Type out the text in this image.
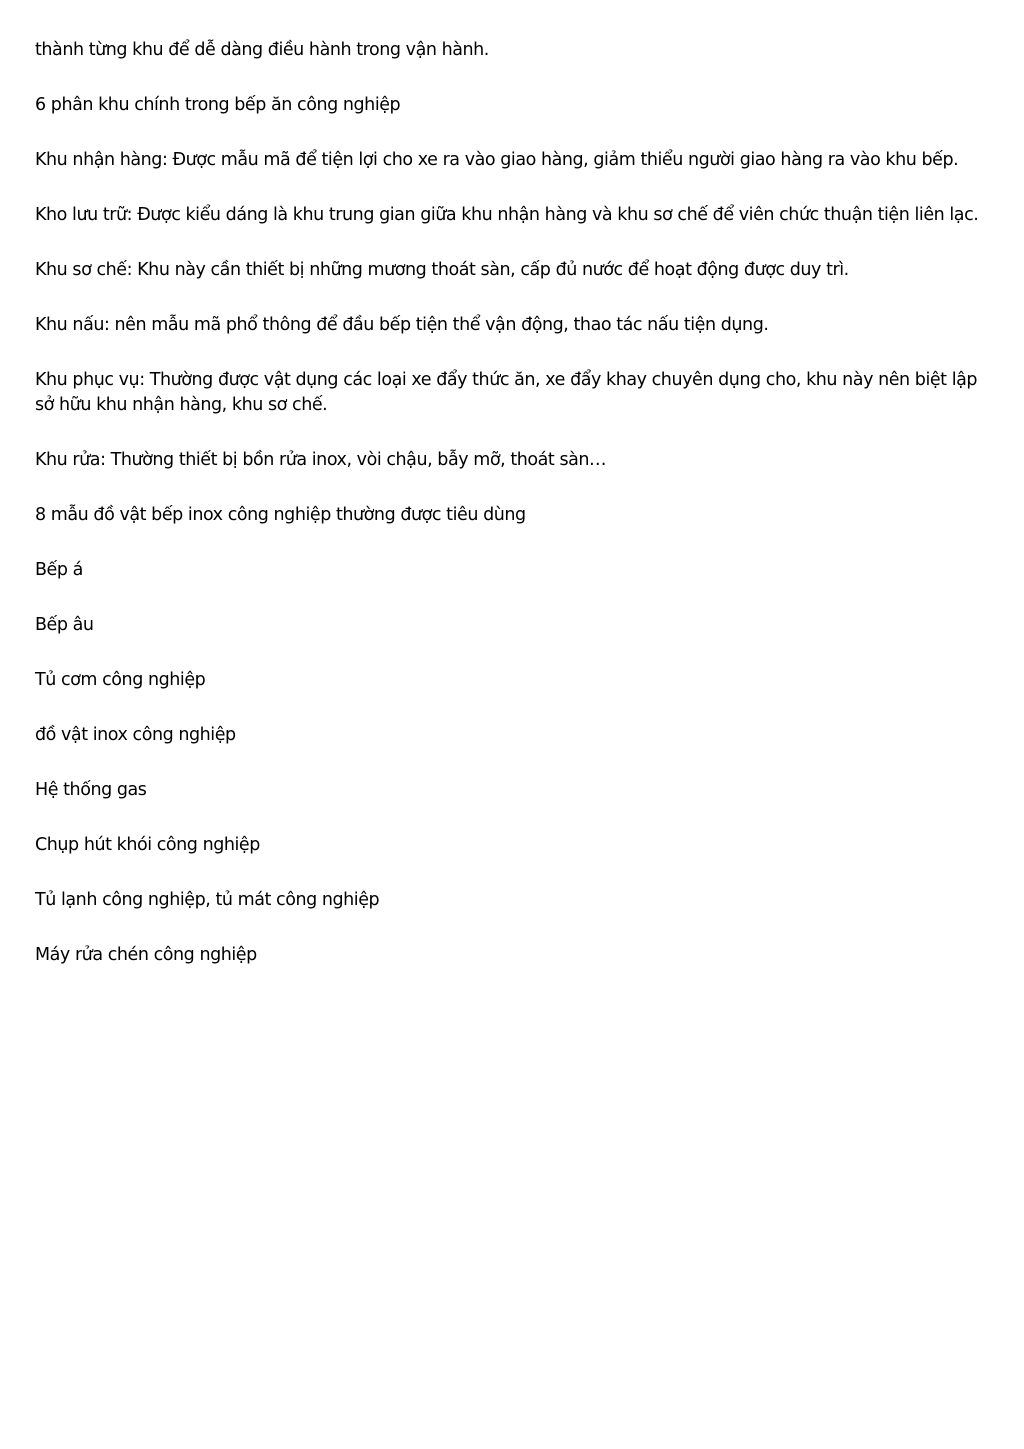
thành từng khu để dễ dàng điều hành trong vận hành.

6 phân khu chính trong bếp ăn công nghiệp

Khu nhận hàng: Được mẫu mã để tiện lợi cho xe ra vào giao hàng, giảm thiểu người giao hàng ra vào khu bếp.

Kho lưu trữ: Được kiểu dáng là khu trung gian giữa khu nhận hàng và khu sơ chế để viên chức thuận tiện liên lạc.

Khu sơ chế: Khu này cần thiết bị những mương thoát sàn, cấp đủ nước để hoạt động được duy trì.

Khu nấu: nên mẫu mã phổ thông để đầu bếp tiện thể vận động, thao tác nấu tiện dụng.

Khu phục vụ: Thường được vật dụng các loại xe đẩy thức ăn, xe đẩy khay chuyên dụng cho, khu này nên biệt lập sở hữu khu nhận hàng, khu sơ chế.

Khu rửa: Thường thiết bị bồn rửa inox, vòi chậu, bẫy mỡ, thoát sàn…

8 mẫu đồ vật bếp inox công nghiệp thường được tiêu dùng

Bếp á

Bếp âu

Tủ cơm công nghiệp

đồ vật inox công nghiệp

Hệ thống gas

Chụp hút khói công nghiệp

Tủ lạnh công nghiệp, tủ mát công nghiệp

Máy rửa chén công nghiệp
